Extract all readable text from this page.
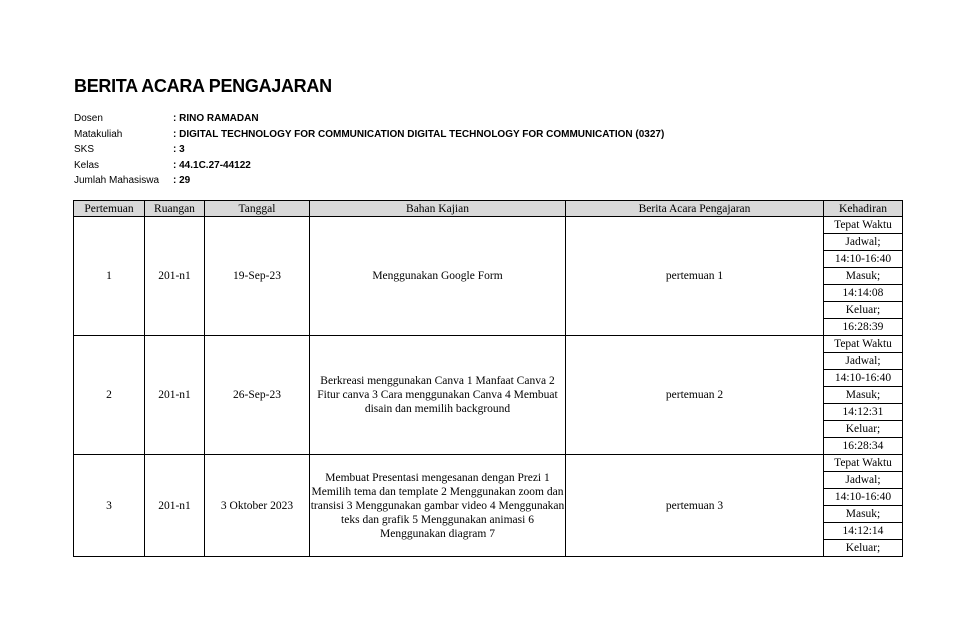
BERITA ACARA PENGAJARAN
Dosen	: RINO RAMADAN
Matakuliah	: DIGITAL TECHNOLOGY FOR COMMUNICATION DIGITAL TECHNOLOGY FOR COMMUNICATION (0327)
SKS	: 3
Kelas	: 44.1C.27-44122
Jumlah Mahasiswa	: 29
Pertemuan	Ruangan	Tanggal	Bahan Kajian	Berita Acara Pengajaran	Kehadiran
1	201-n1	19-Sep-23	Menggunakan Google Form	pertemuan 1	Tepat Waktu
					Jadwal;
					14:10-16:40
					Masuk;
					14:14:08
					Keluar;
					16:28:39
2	201-n1	26-Sep-23	Berkreasi menggunakan Canva 1 Manfaat Canva 2 Fitur canva 3 Cara menggunakan Canva 4 Membuat disain dan memilih background	pertemuan 2	Tepat Waktu
					Jadwal;
					14:10-16:40
					Masuk;
					14:12:31
					Keluar;
					16:28:34
3	201-n1	3 Oktober 2023	Membuat Presentasi mengesanan dengan Prezi 1 Memilih tema dan template 2 Menggunakan zoom dan transisi 3 Menggunakan gambar video 4 Menggunakan teks dan grafik 5 Menggunakan animasi 6 Menggunakan diagram 7	pertemuan 3	Tepat Waktu
					Jadwal;
					14:10-16:40
					Masuk;
					14:12:14
					Keluar;
